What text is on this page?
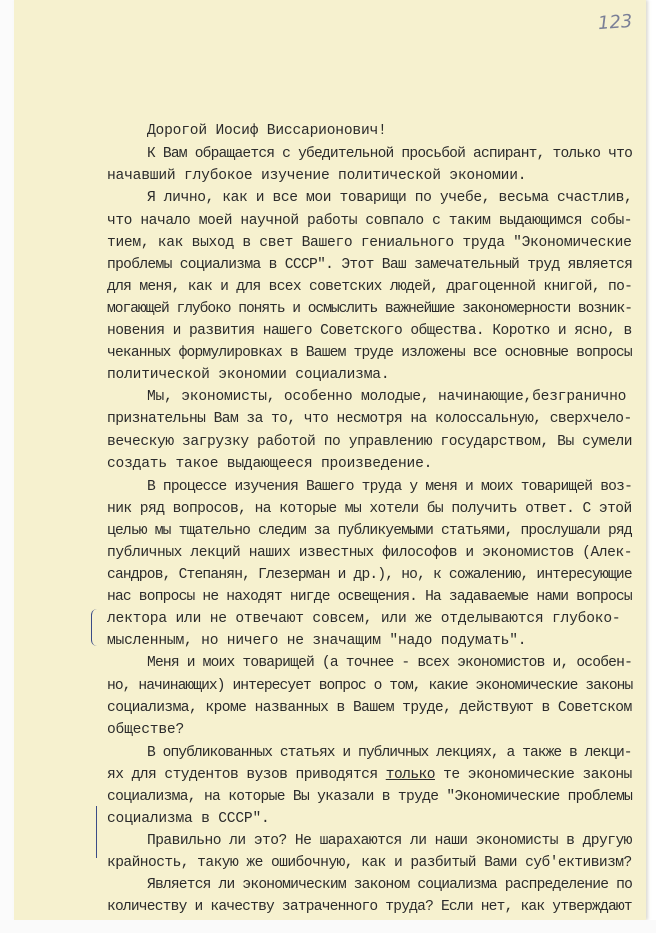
123

Дорогой Иосиф Виссарионович!

К Вам обращается с убедительной просьбой аспирант, только что

начавший глубокое изучение политической экономии.

Я лично, как и все мои товарищи по учебе, весьма счастлив,

что начало моей научной работы совпало с таким выдающимся собы-

тием, как выход в свет Вашего гениального труда "Экономические

проблемы социализма в СССР". Этот Ваш замечательный труд является

для меня, как и для всех советских людей, драгоценной книгой, по-

могающей глубоко понять и осмыслить важнейшие закономерности возник-

новения и развития нашего Советского общества. Коротко и ясно, в

чеканных формулировках в Вашем труде изложены все основные вопросы

политической экономии социализма.

Мы, экономисты, особенно молодые, начинающие,безгранично

признательны Вам за то, что несмотря на колоссальную, сверхчело-

веческую загрузку работой по управлению государством, Вы сумели

создать такое выдающееся произведение.

В процессе изучения Вашего труда у меня и моих товарищей воз-

ник ряд вопросов, на которые мы хотели бы получить ответ. С этой

целью мы тщательно следим за публикуемыми статьями, прослушали ряд

публичных лекций наших известных философов и экономистов (Алек-

сандров, Степанян, Глезерман и др.), но, к сожалению, интересующие

нас вопросы не находят нигде освещения. На задаваемые нами вопросы

лектора или не отвечают совсем, или же отделываются глубоко-

мысленным, но ничего не значащим "надо подумать".

Меня и моих товарищей (а точнее - всех экономистов и, особен-

но, начинающих) интересует вопрос о том, какие экономические законы

социализма, кроме названных в Вашем труде, действуют в Советском

обществе?

В опубликованных статьях и публичных лекциях, а также в лекци-

ях для студентов вузов приводятся только те экономические законы

социализма, на которые Вы указали в труде "Экономические проблемы

социализма в СССР".

Правильно ли это? Не шарахаются ли наши экономисты в другую

крайность, такую же ошибочную, как и разбитый Вами суб'ективизм?

Является ли экономическим законом социализма распределение по

количеству и качеству затраченного труда? Если нет, как утверждают
